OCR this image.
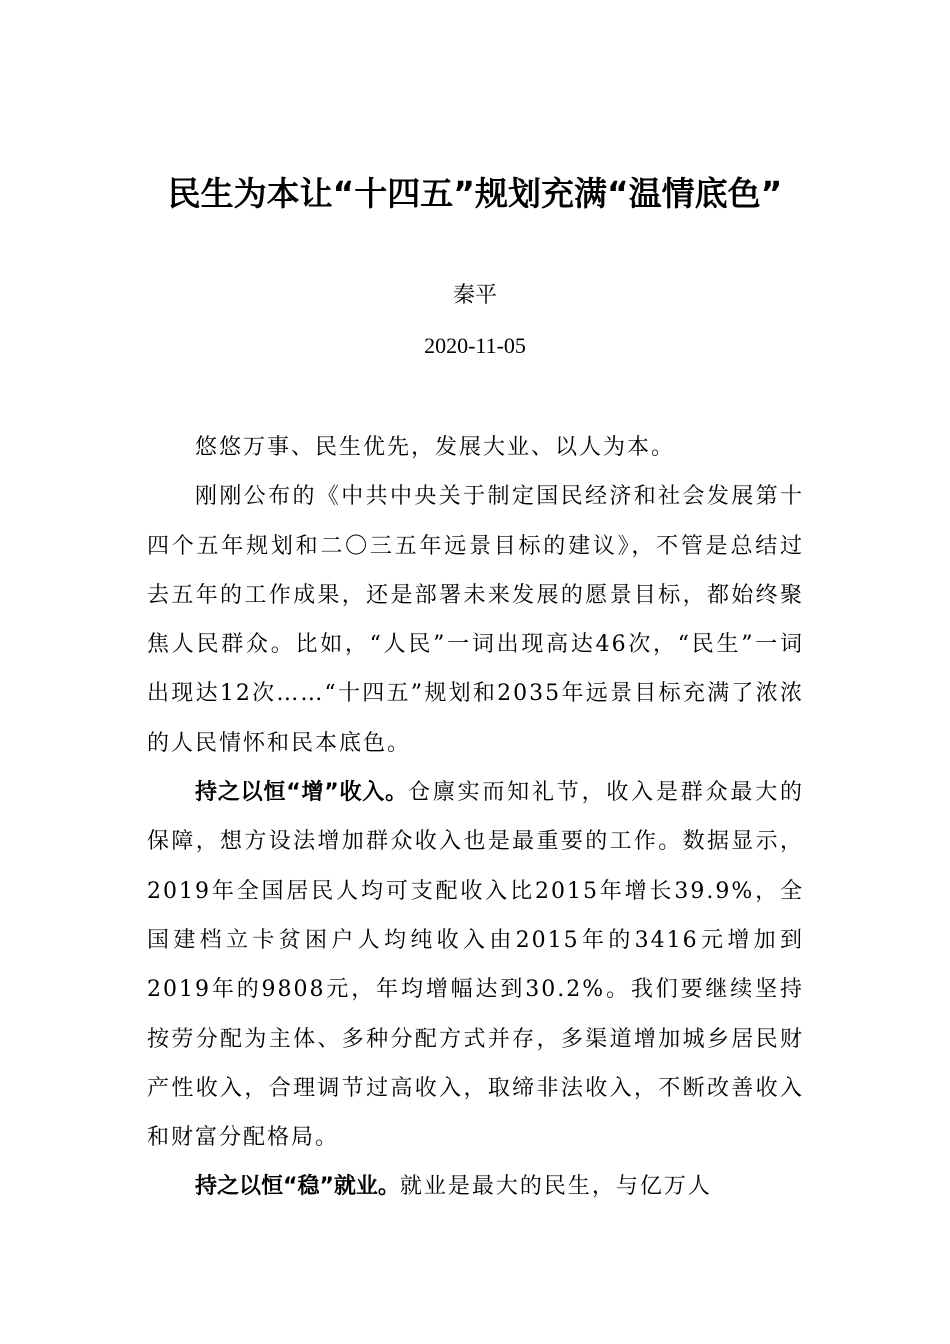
民生为本让“十四五”规划充满“温情底色”
秦平
2020-11-05

悠悠万事、民生优先，发展大业、以人为本。

刚刚公布的《中共中央关于制定国民经济和社会发展第十四个五年规划和二〇三五年远景目标的建议》，不管是总结过去五年的工作成果，还是部署未来发展的愿景目标，都始终聚焦人民群众。比如，“人民”一词出现高达46次，“民生”一词出现达12次……“十四五”规划和2035年远景目标充满了浓浓的人民情怀和民本底色。

持之以恒“增”收入。仓廪实而知礼节，收入是群众最大的保障，想方设法增加群众收入也是最重要的工作。数据显示，2019年全国居民人均可支配收入比2015年增长39.9%，全国建档立卡贫困户人均纯收入由2015年的3416元增加到2019年的9808元，年均增幅达到30.2%。我们要继续坚持按劳分配为主体、多种分配方式并存，多渠道增加城乡居民财产性收入，合理调节过高收入，取缔非法收入，不断改善收入和财富分配格局。

持之以恒“稳”就业。就业是最大的民生，与亿万人
